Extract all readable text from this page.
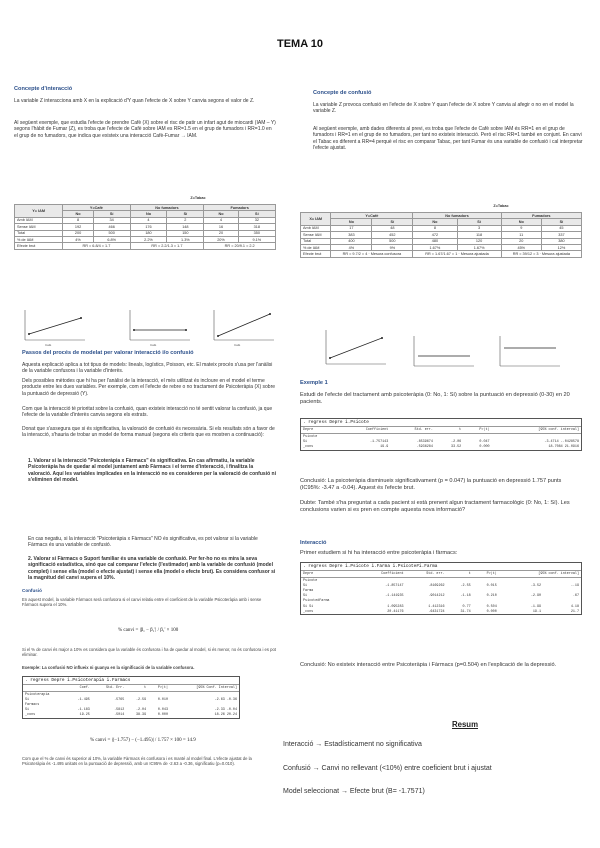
TEMA 10
Concepte d'interacció
La variable Z interacciona amb X en la explicació d'Y quan l'efecte de X sobre Y canvia segons el valor de Z.
Al següent exemple, que estudia l'efecte de prendre Cafè (X) sobre el risc de patir un infart agut de miocardi (IAM – Y) segons l'hàbit de Fumar (Z), es troba que l'efecte de Cafè sobre IAM es RR=1.5 en el grup de fumadors i RR=1.0 en el grup de no fumadors, que indica que existeix una interacció Cafè-Fumar → IAM.
Z=Tabac
Y= IAM	Y=Cafè		No fumadors		Fumadors	
	No	Sí	No	Sí	No	Sí
Amb IAM	8	34	4	2	4	32
Sense IAM	192	466	176	148	16	318
Total	200	500	180	150	20	350
% de IAM	4%	6.8%	2.2%	1.3%	20%	9.1%
Efecte brut	RR = 6.8/4 = 1.7		RR = 2.2/1.3 = 1.7		RR = 20/9.1 = 2.2	
Cafè	Cafè	Cafè
Passos del procés de modelat per valorar interacció i/o confusió
Aquesta explicació aplica a tot tipus de models: lineals, logístics, Poisson, etc. El mateix procés s'usa per l'anàlisi de la variable confusora i la variable d'interès.
Dels possibles mètodes que hi ha per l'anàlisi de la interacció, el més utilitzat és incloure en el model el terme producte entre les dues variables. Per exemple, com el l'efecte de rebre o no tractament de Psicoteràpia (X) sobre la puntuació de depressió (Y).
Com que la interacció té prioritat sobre la confusió, quan existeix interacció no té sentit valorar la confusió, ja que l'efecte de la variable d'interès canvia segons els estrats.
Donat que s'assegura que si és significativa, la valoració de confusió és necessària. Si els resultats són a favor de la interacció, s'hauria de trobar un model de forma manual (segons els criteris que es mostren a continuació):
1. Valorar si la interacció "Psicoteràpia x Fàrmacs" és significativa. En cas afirmatiu, la variable Psicoteràpia ha de quedar al model juntament amb Fàrmacs i el terme d'interacció, i finalitza la valoració. Aquí les variables implicades en la interacció no es consideren per la valoració de confusió ni s'eliminen del model.
En cas negatiu, si la interacció "Psicoteràpia x Fàrmacs" NO és significativa, es pot valorar si la variable Fàrmacs és una variable de confusió.
2. Valorar si Fàrmacs o Suport familiar és una variable de confusió. Per fer-ho no es mira la seva significació estadística, sinó que cal comparar l'efecte (l'estimador) amb la variable de confusió (model complet) i sense ella (model o efecte ajustat) i sense ella (model o efecte brut). Es considera confusor si la magnitud del canvi supera el 10%.
Confusió
En aquest model, la variable Fàrmacs serà confusora si el canvi relatiu entre el coeficient de la variable Psicoteràpia amb i sense Fàrmacs supera el 10%.
% canvi = |β₁ − β₁'| / β₁' × 100
Si el % de canvi és major a 10% es considera que la variable és confusora i ha de quedar al model, si és menor, no és confusora i es pot eliminar.
Exemple: La confusió NO influeix ni guanya en la significació de la variable confusora.
. regress Depre i.Psicoterapia i.Farmacs
	Coef.	Std. Err.	t	P>|t|	[95% Conf. Interval]
Psicoterapia					
Si	-1.495	.5765	-2.59	0.010	-2.63 -0.36
Farmacs					
Si	-1.183	.5812	-2.04	0.043	-2.33 -0.04
_cons	19.25	.5014	38.39	0.000	18.26 20.24
% canvi = |(−1.757) − (−1.495)| / 1.757 × 100 = 14.9
Com que el % de canvi és superior al 10%, la variable Fàrmacs és confusora i es manté al model final. L'efecte ajustat de la Psicoteràpia és -1.495 unitats en la puntuació de depressió, amb un IC95% de -2.63 a -0.36, significatiu (p=0.010).
Concepte de confusió
La variable Z provoca confusió en l'efecte de X sobre Y quan l'efecte de X sobre Y canvia al afegir o no en el model la variable Z.
Al següent exemple, amb dades diferents al previ, es troba que l'efecte de Cafè sobre IAM és RR=1 en el grup de fumadors i RR=1 en el grup de no fumadors, per tant no existeix interacció. Però el risc RR=1 també en conjunt. En canvi el Tabac es diferent a RR=4 perquè el risc en comparar Tabac, per tant Fumar és una variable de confusió i cal interpretar l'efecte ajustat.
Z=Tabac
X= IAM	Y=Cafè		No fumadors		Fumadors	
	No	Sí	No	Sí	No	Sí
Amb IAM	17	48	8	3	9	45
Sense IAM	383	452	472	118	11	337
Total	400	500	480	120	20	380
% de IAM	4%	9%	1.67%	1.67%	45%	12%
Efecte brut	RR = 9.7/2 = 4 · Mesura confusora		RR = 1.67/1.67 = 1 · Mesura ajustada		RR = 39/12 = 3 · Mesura ajustada	
Exemple 1
Estudi de l'efecte del tractament amb psicoteràpia (0: No, 1: Sí) sobre la puntuació en depressió (0-30) en 20 pacients.
. regress Depre i.Psicote
Depre	Coefficient	Std. err.	t	P>|t|	[95% conf. interval]
Psicote					
Si	-1.757143	.8539674	-2.06	0.047	-3.4714 -.0428578
_cons	19.9	.5936284	33.52	0.000	18.7084 21.0916
Conclusió: La psicoteràpia disminueix significativament (p = 0.047) la puntuació en depressió 1.757 punts (IC95%: -3.47 a -0.04). Aquest és l'efecte brut.
Dubte: També s'ha preguntat a cada pacient si està prenent algun tractament farmacològic (0: No, 1: Sí). Les conclusions varien si es pren en compte aquesta nova informació?
Interacció
Primer estudiem si hi ha interacció entre psicoteràpia i fàrmacs:
. regress Depre i.Psicote i.Farma i.Psicote#i.Farma
Depre	Coefficient	Std. err.	t	P>|t|	[95% conf. interval]	
Psicote						
Si	-1.857147	.8169262	-2.55	0.015	-3.52	-.19
Farma						
Si	-1.141935	.9014212	-1.18	0.210	-2.90	.67
Psicote#Farma						
Si Si	1.095283	1.412316	0.77	0.504	-1.99	4.18
_cons	20.41176	.6431724	31.74	0.000	19.1	21.7
Conclusió: No existeix interacció entre Psicoteràpia i Fàrmacs (p=0.504) en l'explicació de la depressió.
Resum
Interacció → Estadísticament no significativa
Confusió → Canvi no rellevant (<10%) entre coeficient brut i ajustat
Model seleccionat → Efecte brut (B= -1.7571)
